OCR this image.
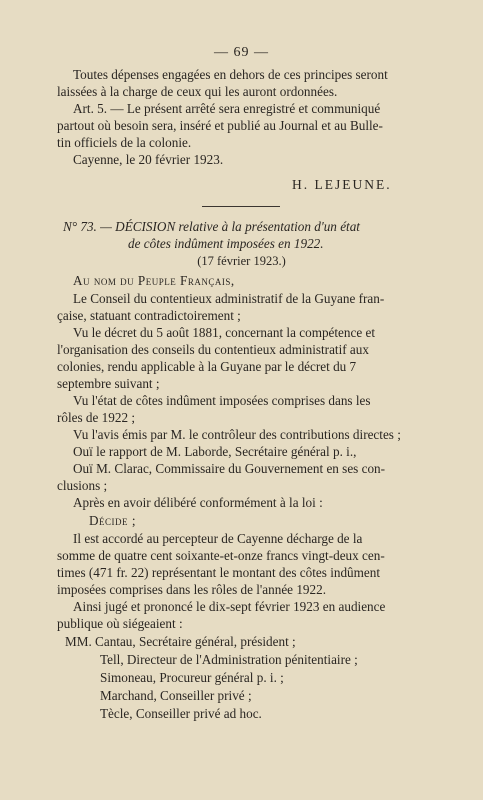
— 69 —
Toutes dépenses engagées en dehors de ces principes seront
laissées à la charge de ceux qui les auront ordonnées.
Art. 5. — Le présent arrêté sera enregistré et communiqué
partout où besoin sera, inséré et publié au Journal et au Bulle-
tin officiels de la colonie.
Cayenne, le 20 février 1923.
H. LEJEUNE.
N° 73. — DÉCISION relative à la présentation d'un état
de côtes indûment imposées en 1922.
(17 février 1923.)
Au nom du Peuple Français,
Le Conseil du contentieux administratif de la Guyane fran-
çaise, statuant contradictoirement ;
Vu le décret du 5 août 1881, concernant la compétence et
l'organisation des conseils du contentieux administratif aux
colonies, rendu applicable à la Guyane par le décret du 7
septembre suivant ;
Vu l'état de côtes indûment imposées comprises dans les
rôles de 1922 ;
Vu l'avis émis par M. le contrôleur des contributions directes ;
Ouï le rapport de M. Laborde, Secrétaire général p. i.,
Ouï M. Clarac, Commissaire du Gouvernement en ses con-
clusions ;
Après en avoir délibéré conformément à la loi :
Décide ;
Il est accordé au percepteur de Cayenne décharge de la
somme de quatre cent soixante-et-onze francs vingt-deux cen-
times (471 fr. 22) représentant le montant des côtes indûment
imposées comprises dans les rôles de l'année 1922.
Ainsi jugé et prononcé le dix-sept février 1923 en audience
publique où siégeaient :
MM. Cantau, Secrétaire général, président ;
Tell, Directeur de l'Administration pénitentiaire ;
Simoneau, Procureur général p. i. ;
Marchand, Conseiller privé ;
Tècle, Conseiller privé ad hoc.
